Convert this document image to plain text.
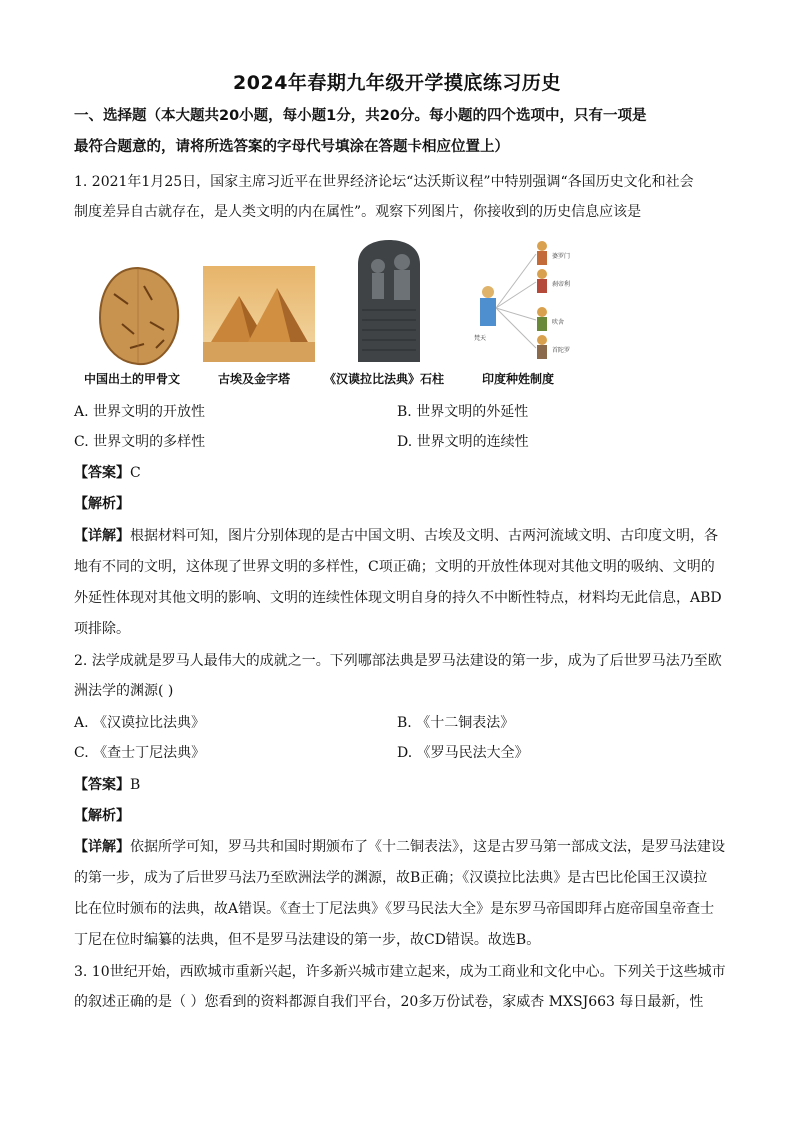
2024年春期九年级开学摸底练习历史
一、选择题（本大题共20小题，每小题1分，共20分。每小题的四个选项中，只有一项是
最符合题意的，请将所选答案的字母代号填涂在答题卡相应位置上）
1. 2021年1月25日，国家主席习近平在世界经济论坛“达沃斯议程”中特别强调“各国历史文化和社会
制度差异自古就存在，是人类文明的内在属性”。观察下列图片，你接收到的历史信息应该是
中国出土的甲骨文	古埃及金字塔	《汉谟拉比法典》石柱
婆罗门
刹帝利
吠舍
首陀罗
梵天
印度种姓制度
A. 世界文明的开放性	B. 世界文明的外延性
C. 世界文明的多样性	D. 世界文明的连续性
【答案】C
【解析】
【详解】根据材料可知，图片分别体现的是古中国文明、古埃及文明、古两河流域文明、古印度文明，各
地有不同的文明，这体现了世界文明的多样性，C项正确；文明的开放性体现对其他文明的吸纳、文明的
外延性体现对其他文明的影响、文明的连续性体现文明自身的持久不中断性特点，材料均无此信息，ABD
项排除。
2. 法学成就是罗马人最伟大的成就之一。下列哪部法典是罗马法建设的第一步，成为了后世罗马法乃至欧
洲法学的渊源( )
A. 《汉谟拉比法典》	B. 《十二铜表法》
C. 《查士丁尼法典》	D. 《罗马民法大全》
【答案】B
【解析】
【详解】依据所学可知，罗马共和国时期颁布了《十二铜表法》，这是古罗马第一部成文法，是罗马法建设
的第一步，成为了后世罗马法乃至欧洲法学的渊源，故B正确；《汉谟拉比法典》是古巴比伦国王汉谟拉
比在位时颁布的法典，故A错误。《查士丁尼法典》《罗马民法大全》是东罗马帝国即拜占庭帝国皇帝查士
丁尼在位时编纂的法典，但不是罗马法建设的第一步，故CD错误。故选B。
3. 10世纪开始，西欧城市重新兴起，许多新兴城市建立起来，成为工商业和文化中心。下列关于这些城市
的叙述正确的是（ ）您看到的资料都源自我们平台，20多万份试卷，家威杏 MXSJ663 每日最新，性
